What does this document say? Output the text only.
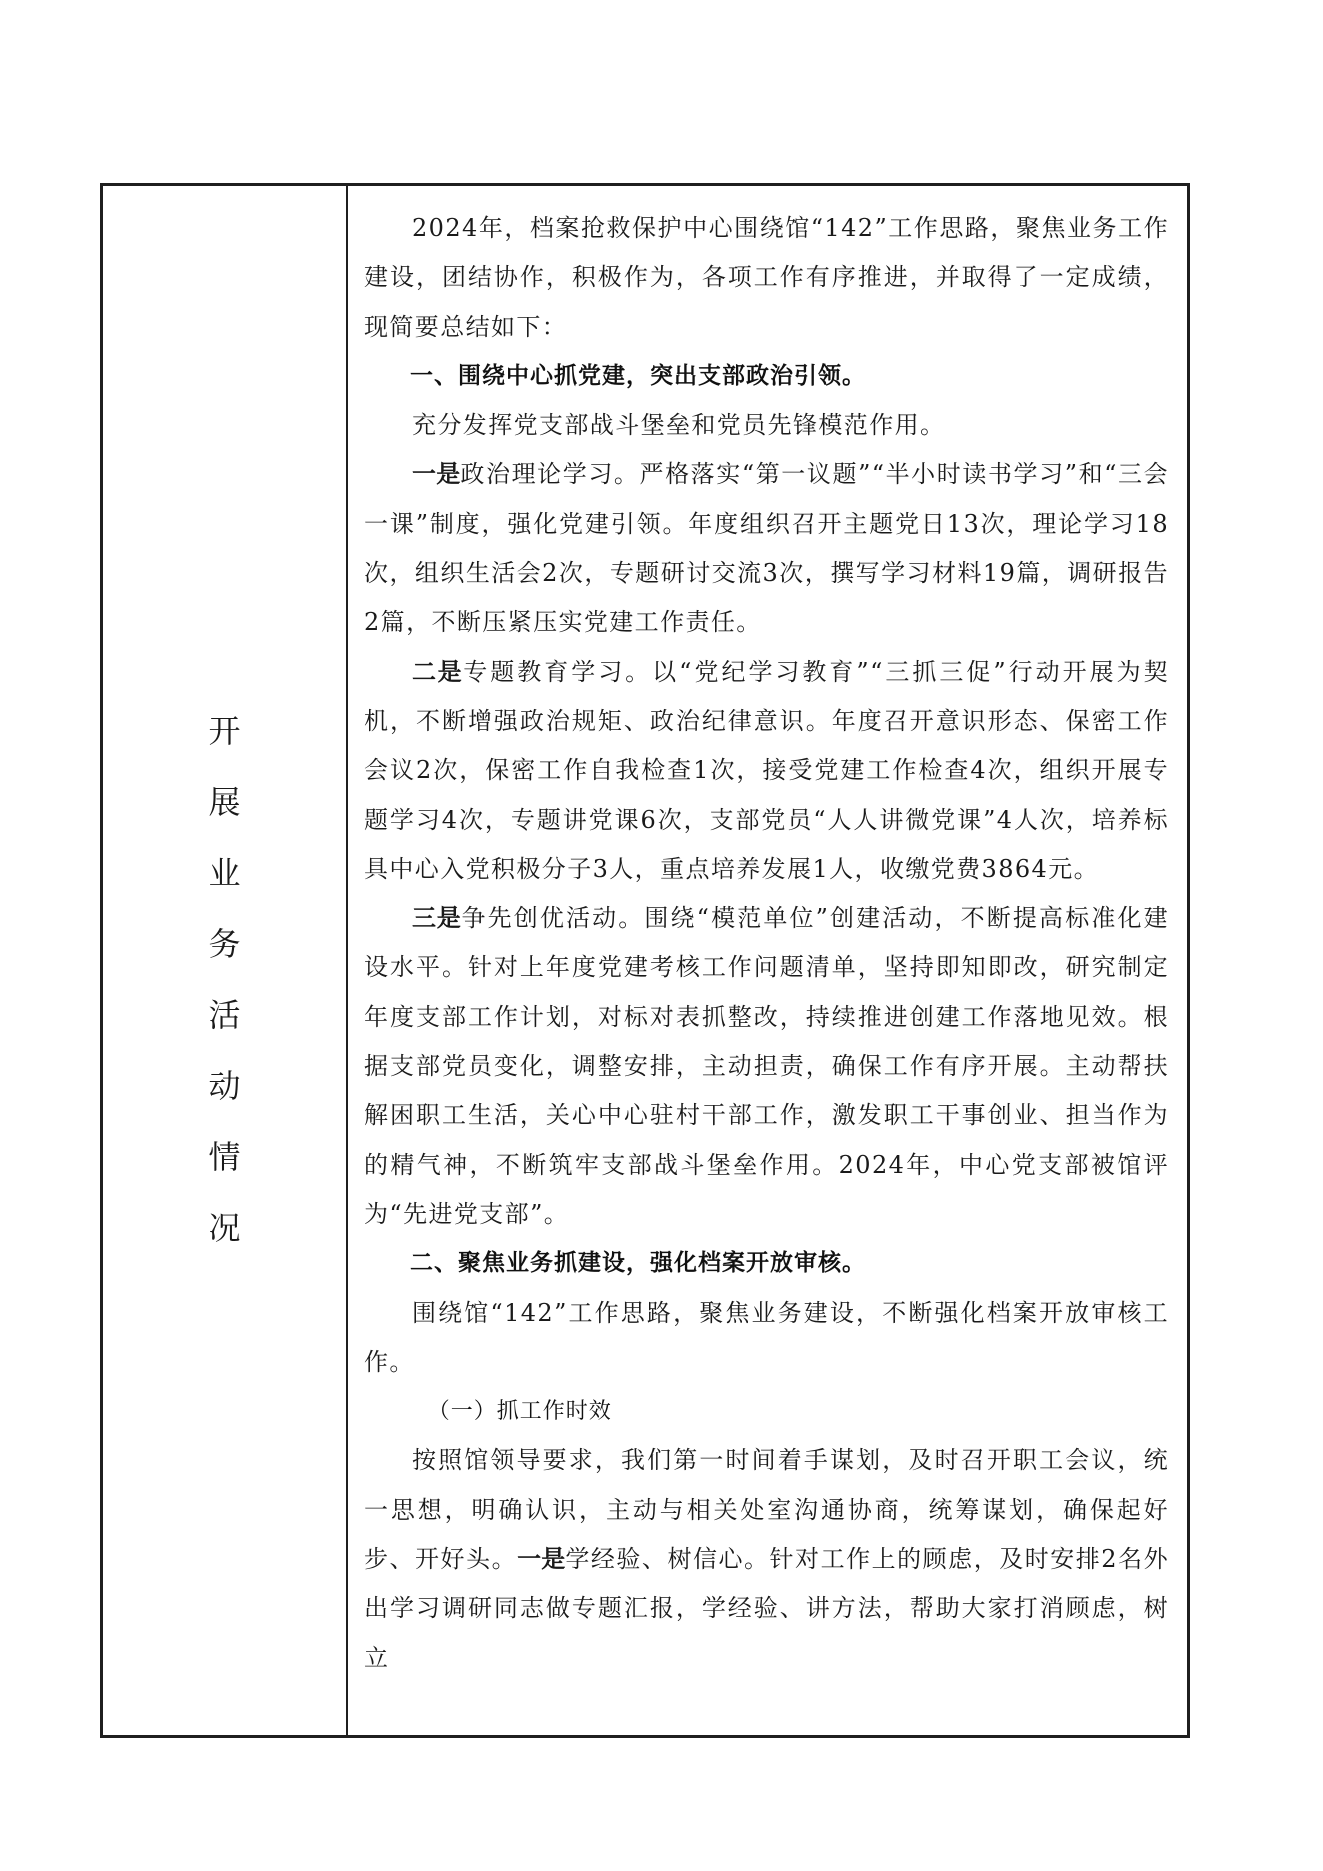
开
展
业
务
活
动
情
况

2024年，档案抢救保护中心围绕馆“142”工作思路，聚焦业务工作建设，团结协作，积极作为，各项工作有序推进，并取得了一定成绩，现简要总结如下：

一、围绕中心抓党建，突出支部政治引领。

充分发挥党支部战斗堡垒和党员先锋模范作用。

一是政治理论学习。严格落实“第一议题”“半小时读书学习”和“三会一课”制度，强化党建引领。年度组织召开主题党日13次，理论学习18次，组织生活会2次，专题研讨交流3次，撰写学习材料19篇，调研报告2篇，不断压紧压实党建工作责任。

二是专题教育学习。以“党纪学习教育”“三抓三促”行动开展为契机，不断增强政治规矩、政治纪律意识。年度召开意识形态、保密工作会议2次，保密工作自我检查1次，接受党建工作检查4次，组织开展专题学习4次，专题讲党课6次，支部党员“人人讲微党课”4人次，培养标具中心入党积极分子3人，重点培养发展1人，收缴党费3864元。

三是争先创优活动。围绕“模范单位”创建活动，不断提高标准化建设水平。针对上年度党建考核工作问题清单，坚持即知即改，研究制定年度支部工作计划，对标对表抓整改，持续推进创建工作落地见效。根据支部党员变化，调整安排，主动担责，确保工作有序开展。主动帮扶解困职工生活，关心中心驻村干部工作，激发职工干事创业、担当作为的精气神，不断筑牢支部战斗堡垒作用。2024年，中心党支部被馆评为“先进党支部”。

二、聚焦业务抓建设，强化档案开放审核。

围绕馆“142”工作思路，聚焦业务建设，不断强化档案开放审核工作。

（一）抓工作时效

按照馆领导要求，我们第一时间着手谋划，及时召开职工会议，统一思想，明确认识，主动与相关处室沟通协商，统筹谋划，确保起好步、开好头。一是学经验、树信心。针对工作上的顾虑，及时安排2名外出学习调研同志做专题汇报，学经验、讲方法，帮助大家打消顾虑，树立
